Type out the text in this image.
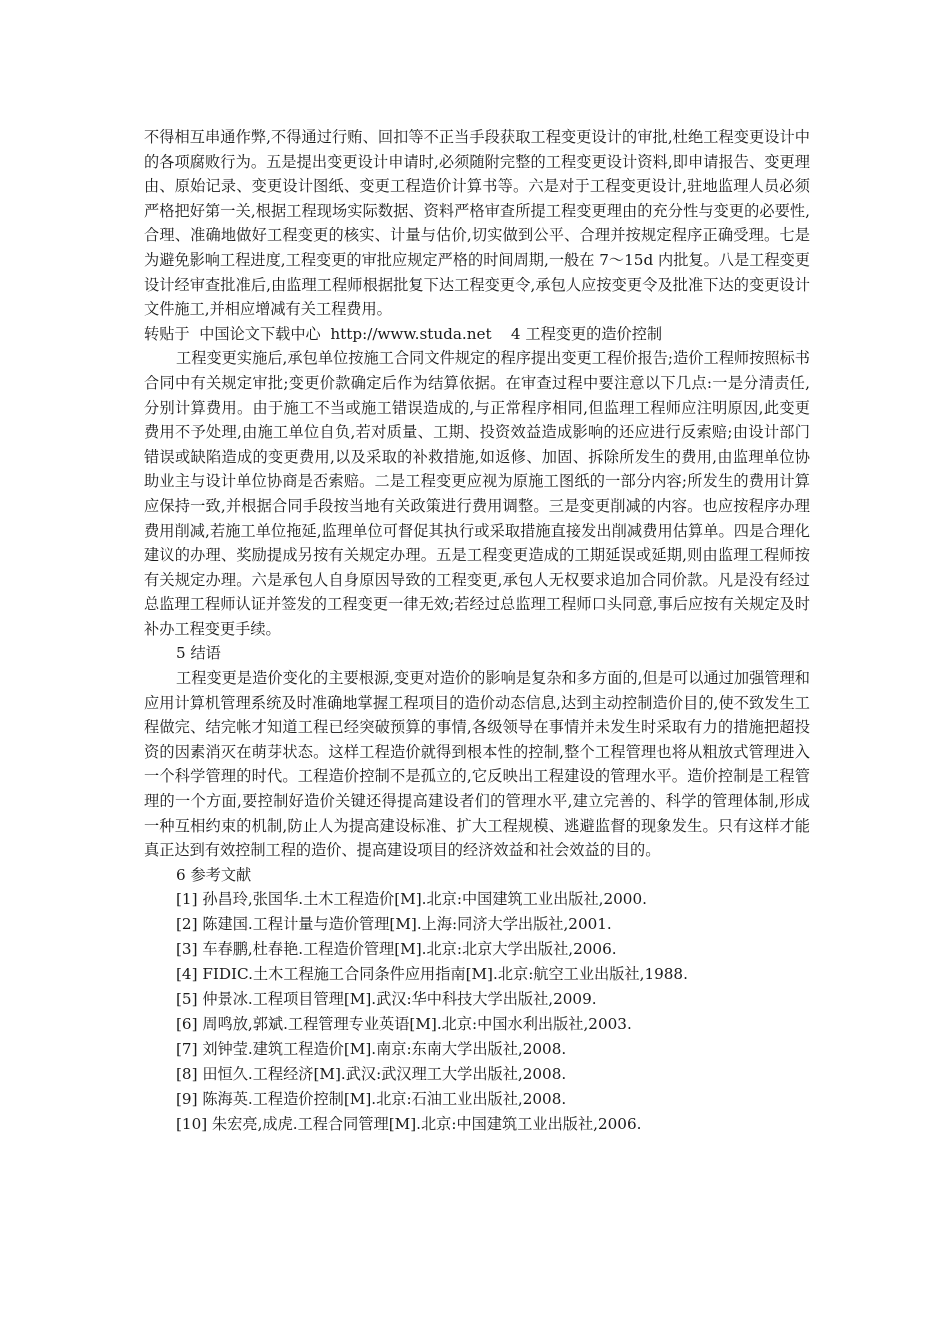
不得相互串通作弊,不得通过行贿、回扣等不正当手段获取工程变更设计的审批,杜绝工程变更设计中的各项腐败行为。五是提出变更设计申请时,必须随附完整的工程变更设计资料,即申请报告、变更理由、原始记录、变更设计图纸、变更工程造价计算书等。六是对于工程变更设计,驻地监理人员必须严格把好第一关,根据工程现场实际数据、资料严格审查所提工程变更理由的充分性与变更的必要性,合理、准确地做好工程变更的核实、计量与估价,切实做到公平、合理并按规定程序正确受理。七是为避免影响工程进度,工程变更的审批应规定严格的时间周期,一般在 7～15d 内批复。八是工程变更设计经审查批准后,由监理工程师根据批复下达工程变更令,承包人应按变更令及批准下达的变更设计文件施工,并相应增减有关工程费用。

转贴于  中国论文下载中心  http://www.studa.net    4 工程变更的造价控制

工程变更实施后,承包单位按施工合同文件规定的程序提出变更工程价报告;造价工程师按照标书合同中有关规定审批;变更价款确定后作为结算依据。在审查过程中要注意以下几点:一是分清责任,分别计算费用。由于施工不当或施工错误造成的,与正常程序相同,但监理工程师应注明原因,此变更费用不予处理,由施工单位自负,若对质量、工期、投资效益造成影响的还应进行反索赔;由设计部门错误或缺陷造成的变更费用,以及采取的补救措施,如返修、加固、拆除所发生的费用,由监理单位协助业主与设计单位协商是否索赔。二是工程变更应视为原施工图纸的一部分内容;所发生的费用计算应保持一致,并根据合同手段按当地有关政策进行费用调整。三是变更削减的内容。也应按程序办理费用削减,若施工单位拖延,监理单位可督促其执行或采取措施直接发出削减费用估算单。四是合理化建议的办理、奖励提成另按有关规定办理。五是工程变更造成的工期延误或延期,则由监理工程师按有关规定办理。六是承包人自身原因导致的工程变更,承包人无权要求追加合同价款。凡是没有经过总监理工程师认证并签发的工程变更一律无效;若经过总监理工程师口头同意,事后应按有关规定及时补办工程变更手续。

5 结语

工程变更是造价变化的主要根源,变更对造价的影响是复杂和多方面的,但是可以通过加强管理和应用计算机管理系统及时准确地掌握工程项目的造价动态信息,达到主动控制造价目的,使不致发生工程做完、结完帐才知道工程已经突破预算的事情,各级领导在事情并未发生时采取有力的措施把超投资的因素消灭在萌芽状态。这样工程造价就得到根本性的控制,整个工程管理也将从粗放式管理进入一个科学管理的时代。工程造价控制不是孤立的,它反映出工程建设的管理水平。造价控制是工程管理的一个方面,要控制好造价关键还得提高建设者们的管理水平,建立完善的、科学的管理体制,形成一种互相约束的机制,防止人为提高建设标准、扩大工程规模、逃避监督的现象发生。只有这样才能真正达到有效控制工程的造价、提高建设项目的经济效益和社会效益的目的。

6 参考文献

[1] 孙昌玲,张国华.土木工程造价[M].北京:中国建筑工业出版社,2000.
[2] 陈建国.工程计量与造价管理[M].上海:同济大学出版社,2001.
[3] 车春鹏,杜春艳.工程造价管理[M].北京:北京大学出版社,2006.
[4] FIDIC.土木工程施工合同条件应用指南[M].北京:航空工业出版社,1988.
[5] 仲景冰.工程项目管理[M].武汉:华中科技大学出版社,2009.
[6] 周鸣放,郭斌.工程管理专业英语[M].北京:中国水利出版社,2003.
[7] 刘钟莹.建筑工程造价[M].南京:东南大学出版社,2008.
[8] 田恒久.工程经济[M].武汉:武汉理工大学出版社,2008.
[9] 陈海英.工程造价控制[M].北京:石油工业出版社,2008.
[10] 朱宏亮,成虎.工程合同管理[M].北京:中国建筑工业出版社,2006.
